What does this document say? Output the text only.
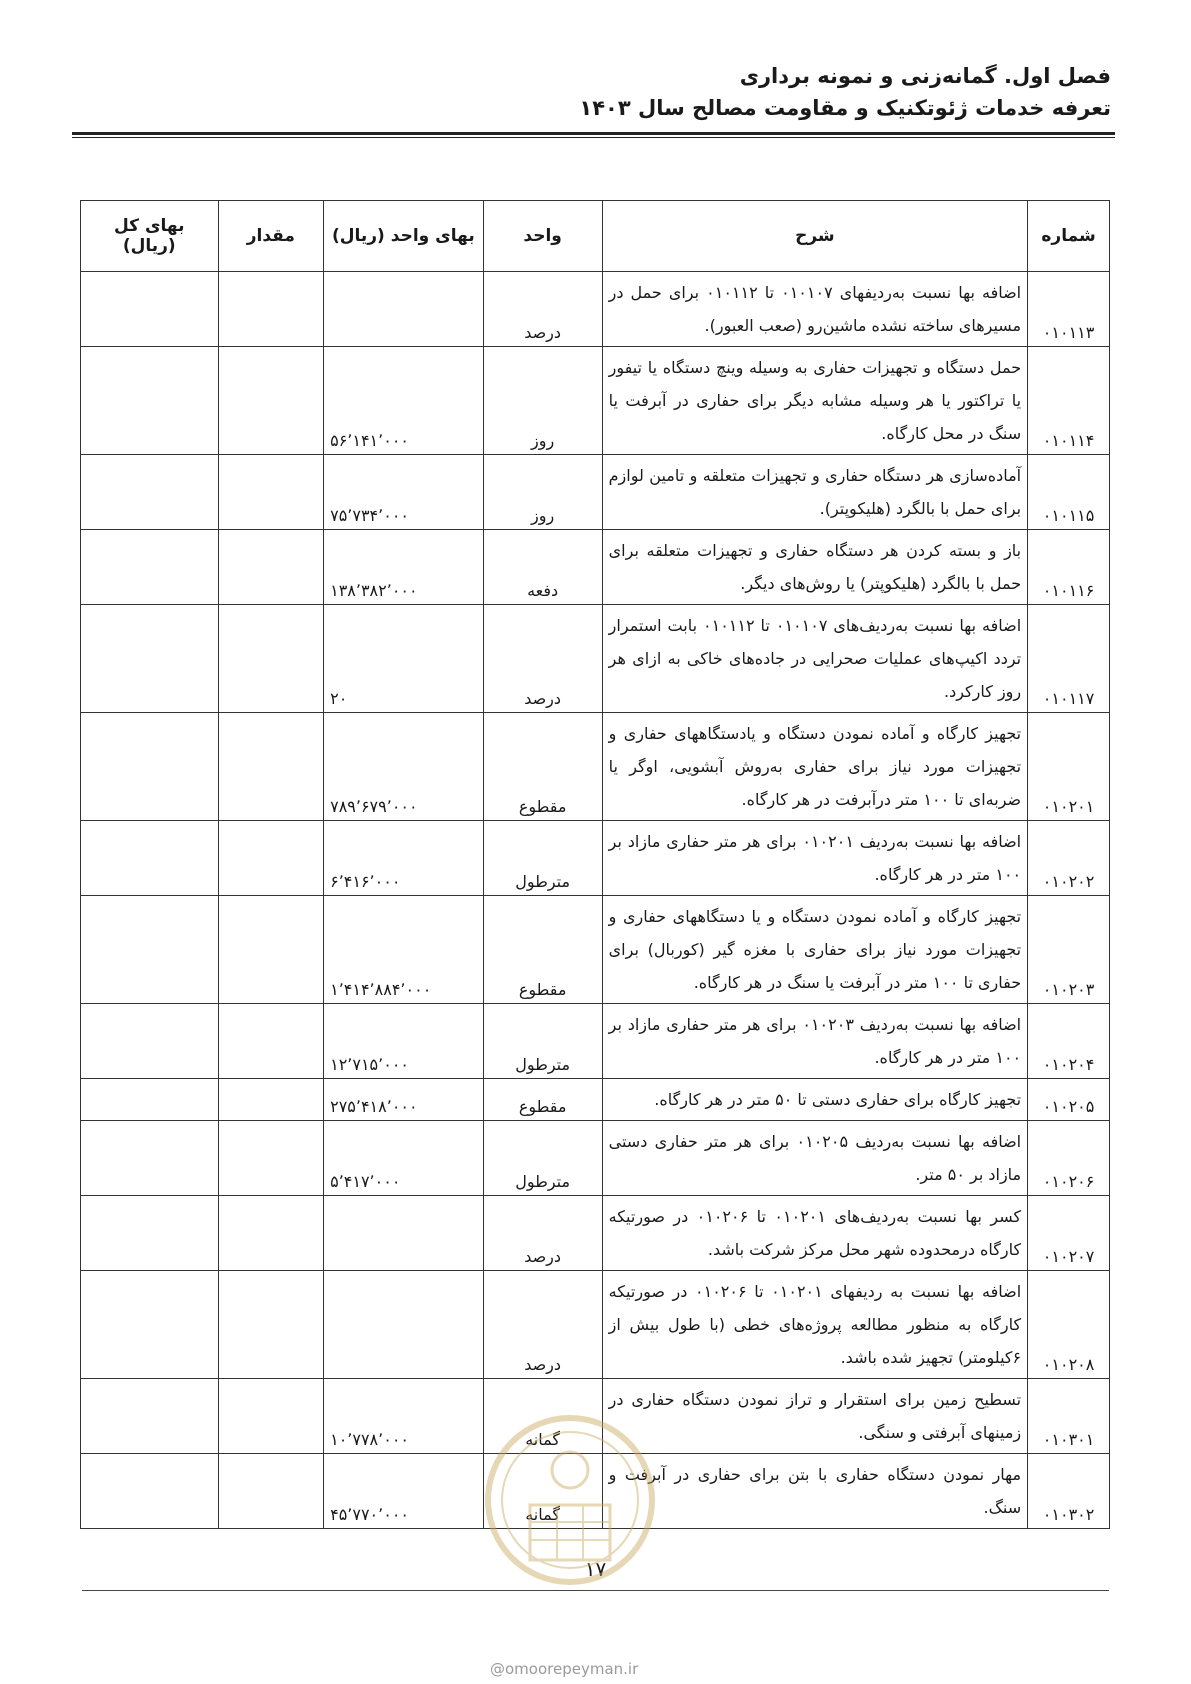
فصل اول. گمانه‌زنی و نمونه برداری
تعرفه خدمات ژئوتکنیک و مقاومت مصالح سال ۱۴۰۳
شماره	شرح	واحد	بهای واحد (ریال)	مقدار	بهای کل (ریال)
۰۱۰۱۱۳	اضافه بها نسبت به‌ردیفهای ۰۱۰۱۰۷ تا ۰۱۰۱۱۲ برای حمل در مسیرهای ساخته نشده ماشین‌رو (صعب العبور).	درصد			
۰۱۰۱۱۴	حمل دستگاه و تجهیزات حفاری به وسیله وینچ دستگاه یا تیفور یا تراکتور یا هر وسیله مشابه دیگر برای حفاری در آبرفت یا سنگ در محل کارگاه.	روز	۵۶٬۱۴۱٬۰۰۰		
۰۱۰۱۱۵	آماده‌سازی هر دستگاه حفاری و تجهیزات متعلقه و تامین لوازم برای حمل با بالگرد (هلیکوپتر).	روز	۷۵٬۷۳۴٬۰۰۰		
۰۱۰۱۱۶	باز و بسته کردن هر دستگاه حفاری و تجهیزات متعلقه برای حمل با بالگرد (هلیکوپتر) یا روش‌های دیگر.	دفعه	۱۳۸٬۳۸۲٬۰۰۰		
۰۱۰۱۱۷	اضافه بها نسبت به‌ردیف‌های ۰۱۰۱۰۷ تا ۰۱۰۱۱۲ بابت استمرار تردد اکیپ‌های عملیات صحرایی در جاده‌های خاکی به ازای هر روز کارکرد.	درصد	۲۰		
۰۱۰۲۰۱	تجهیز کارگاه و آماده نمودن دستگاه و یادستگاههای حفاری و تجهیزات مورد نیاز برای حفاری به‌روش آبشویی، اوگر یا ضربه‌ای تا ۱۰۰ متر درآبرفت در هر کارگاه.	مقطوع	۷۸۹٬۶۷۹٬۰۰۰		
۰۱۰۲۰۲	اضافه بها نسبت به‌ردیف ۰۱۰۲۰۱ برای هر متر حفاری مازاد بر ۱۰۰ متر در هر کارگاه.	مترطول	۶٬۴۱۶٬۰۰۰		
۰۱۰۲۰۳	تجهیز کارگاه و آماده نمودن دستگاه و یا دستگاههای حفاری و تجهیزات مورد نیاز برای حفاری با مغزه گیر (کوربال) برای حفاری تا ۱۰۰ متر در آبرفت یا سنگ در هر کارگاه.	مقطوع	۱٬۴۱۴٬۸۸۴٬۰۰۰		
۰۱۰۲۰۴	اضافه بها نسبت به‌ردیف ۰۱۰۲۰۳ برای هر متر حفاری مازاد بر ۱۰۰ متر در هر کارگاه.	مترطول	۱۲٬۷۱۵٬۰۰۰		
۰۱۰۲۰۵	تجهیز کارگاه برای حفاری دستی تا ۵۰ متر در هر کارگاه.	مقطوع	۲۷۵٬۴۱۸٬۰۰۰		
۰۱۰۲۰۶	اضافه بها نسبت به‌ردیف ۰۱۰۲۰۵ برای هر متر حفاری دستی مازاد بر ۵۰ متر.	مترطول	۵٬۴۱۷٬۰۰۰		
۰۱۰۲۰۷	کسر بها نسبت به‌ردیف‌های ۰۱۰۲۰۱ تا ۰۱۰۲۰۶ در صورتیکه کارگاه درمحدوده شهر محل مرکز شرکت باشد.	درصد			
۰۱۰۲۰۸	اضافه بها نسبت به ردیفهای ۰۱۰۲۰۱ تا ۰۱۰۲۰۶ در صورتیکه کارگاه به منظور مطالعه پروژه‌های خطی (با طول بیش از ۶کیلومتر) تجهیز شده باشد.	درصد			
۰۱۰۳۰۱	تسطیح زمین برای استقرار و تراز نمودن دستگاه حفاری در زمینهای آبرفتی و سنگی.	گمانه	۱۰٬۷۷۸٬۰۰۰		
۰۱۰۳۰۲	مهار نمودن دستگاه حفاری با بتن برای حفاری در آبرفت و سنگ.	گمانه	۴۵٬۷۷۰٬۰۰۰		
۱۷
@omoorepeyman.ir
